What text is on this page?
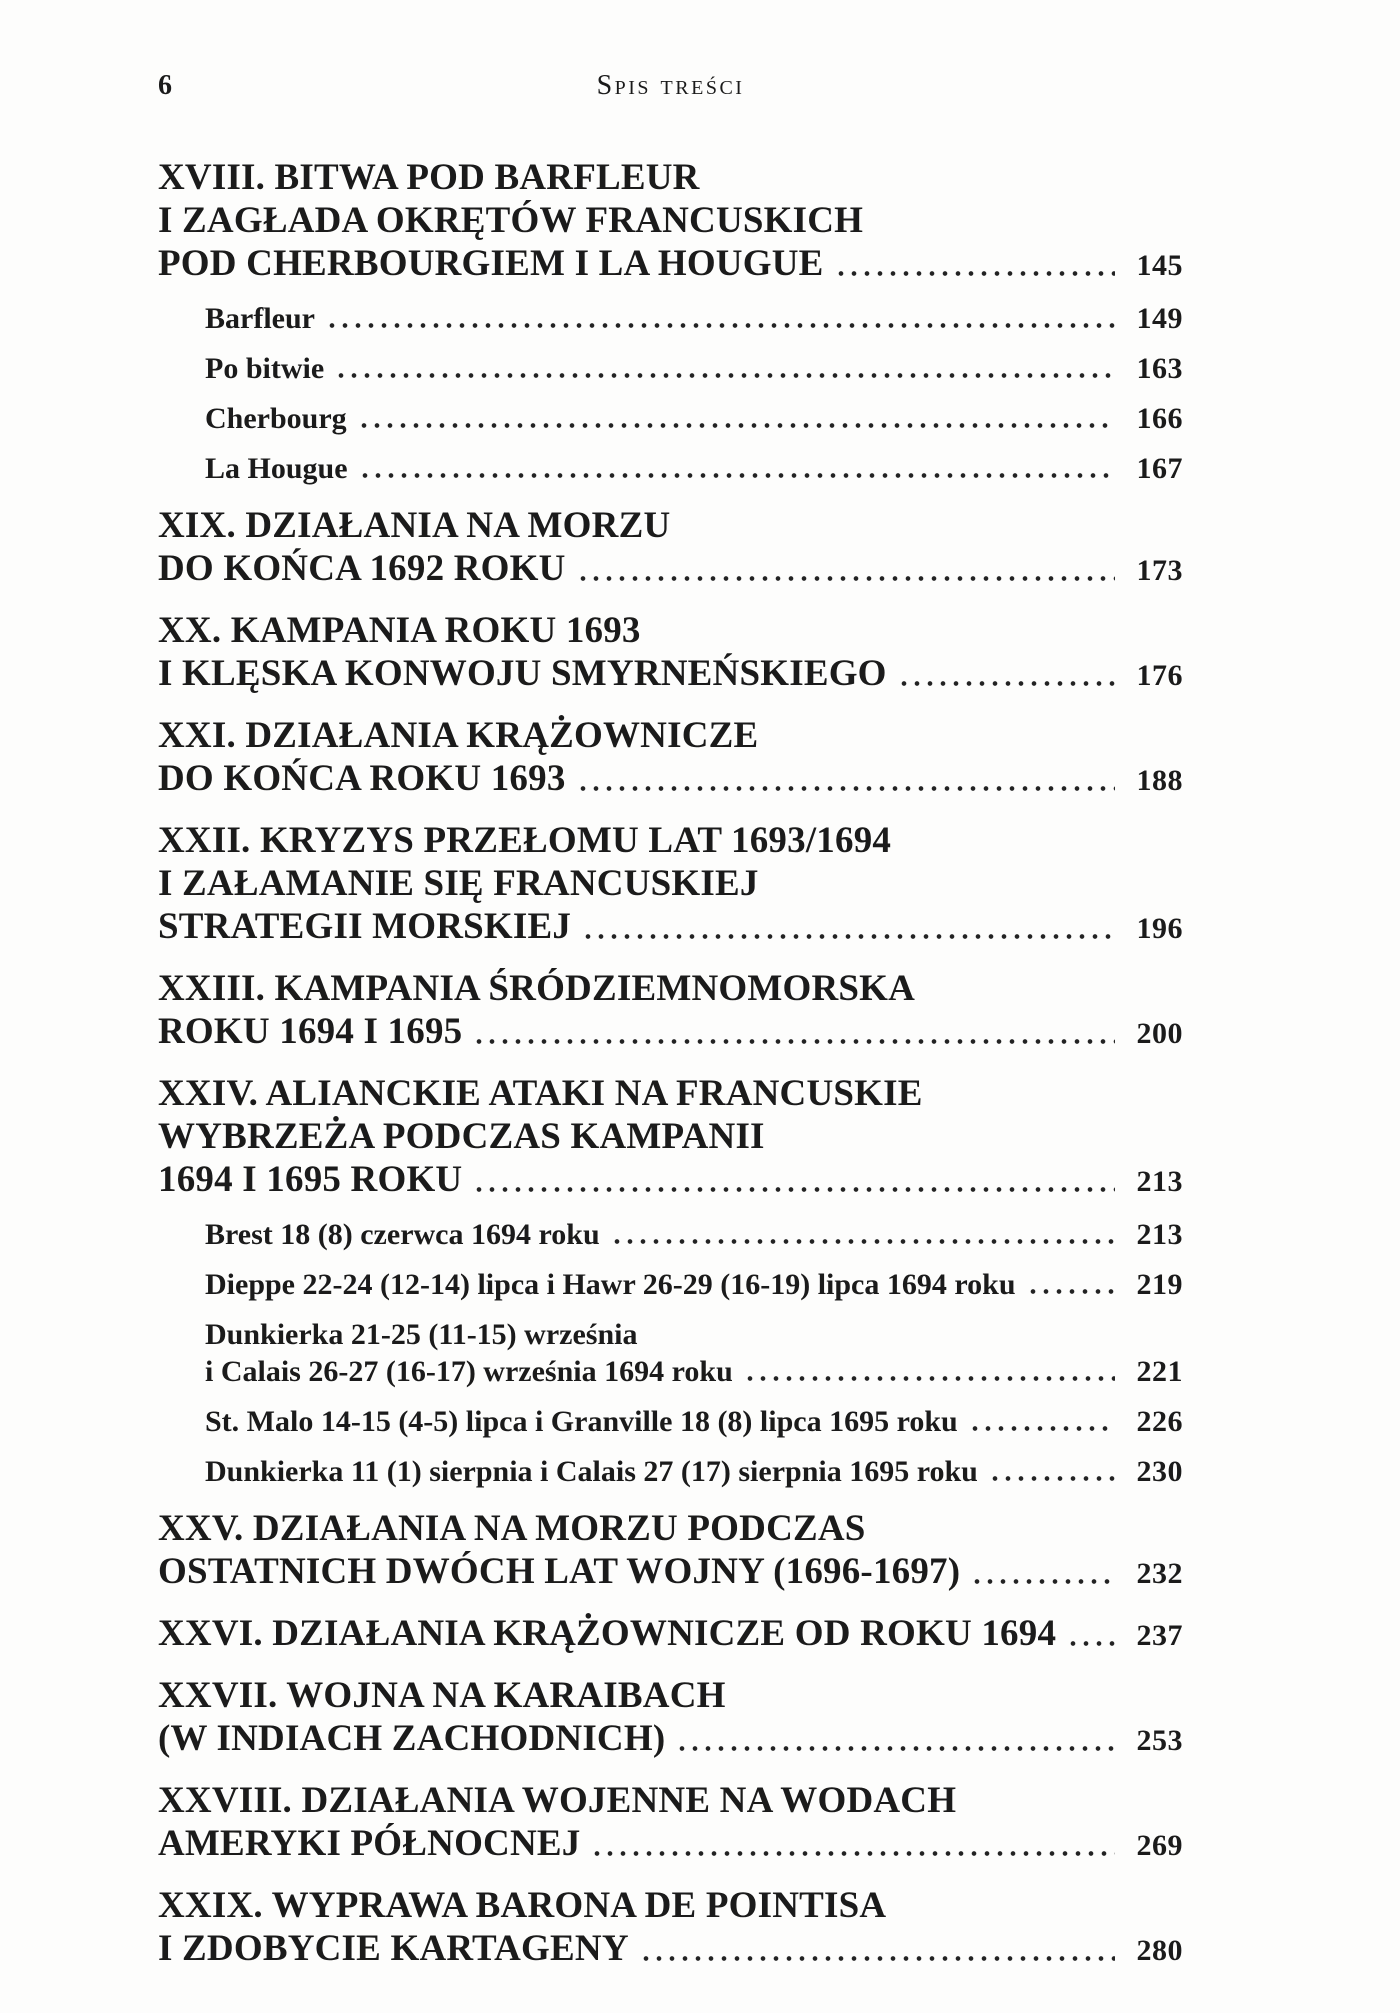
6	Spis treści
XVIII. BITWA POD BARFLEUR
I ZAGŁADA OKRĘTÓW FRANCUSKICH
POD CHERBOURGIEM I LA HOUGUE	145
Barfleur	149
Po bitwie	163
Cherbourg	166
La Hougue	167
XIX. DZIAŁANIA NA MORZU
DO KOŃCA 1692 ROKU	173
XX. KAMPANIA ROKU 1693
I KLĘSKA KONWOJU SMYRNEŃSKIEGO	176
XXI. DZIAŁANIA KRĄŻOWNICZE
DO KOŃCA ROKU 1693	188
XXII. KRYZYS PRZEŁOMU LAT 1693/1694
I ZAŁAMANIE SIĘ FRANCUSKIEJ
STRATEGII MORSKIEJ	196
XXIII. KAMPANIA ŚRÓDZIEMNOMORSKA
ROKU 1694 I 1695	200
XXIV. ALIANCKIE ATAKI NA FRANCUSKIE
WYBRZEŻA PODCZAS KAMPANII
1694 I 1695 ROKU	213
Brest 18 (8) czerwca 1694 roku	213
Dieppe 22-24 (12-14) lipca i Hawr 26-29 (16-19) lipca 1694 roku	219
Dunkierka 21-25 (11-15) września
i Calais 26-27 (16-17) września 1694 roku	221
St. Malo 14-15 (4-5) lipca i Granville 18 (8) lipca 1695 roku	226
Dunkierka 11 (1) sierpnia i Calais 27 (17) sierpnia 1695 roku	230
XXV. DZIAŁANIA NA MORZU PODCZAS
OSTATNICH DWÓCH LAT WOJNY (1696-1697)	232
XXVI. DZIAŁANIA KRĄŻOWNICZE OD ROKU 1694	237
XXVII. WOJNA NA KARAIBACH
(W INDIACH ZACHODNICH)	253
XXVIII. DZIAŁANIA WOJENNE NA WODACH
AMERYKI PÓŁNOCNEJ	269
XXIX. WYPRAWA BARONA DE POINTISA
I ZDOBYCIE KARTAGENY	280
